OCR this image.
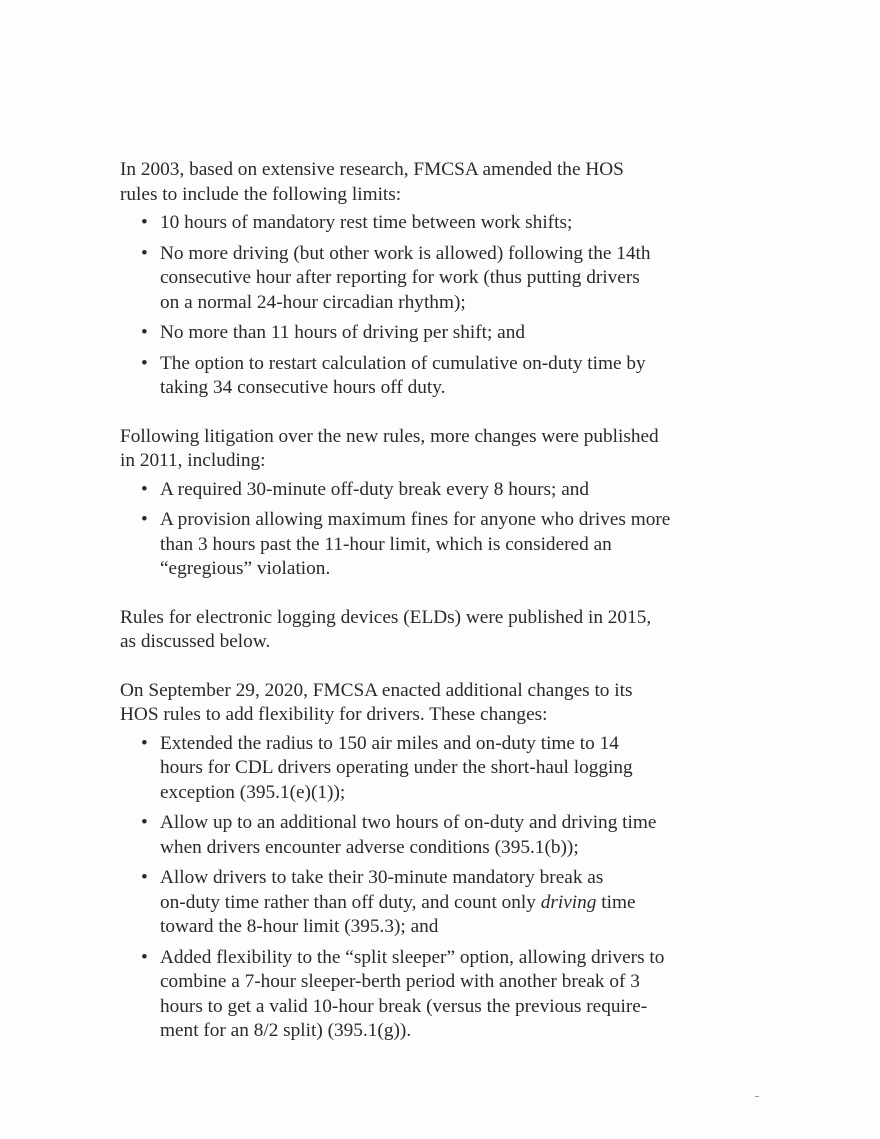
In 2003, based on extensive research, FMCSA amended the HOS
rules to include the following limits:
• 10 hours of mandatory rest time between work shifts;
• No more driving (but other work is allowed) following the 14th
consecutive hour after reporting for work (thus putting drivers
on a normal 24-hour circadian rhythm);
• No more than 11 hours of driving per shift; and
• The option to restart calculation of cumulative on-duty time by
taking 34 consecutive hours off duty.
Following litigation over the new rules, more changes were published
in 2011, including:
• A required 30-minute off-duty break every 8 hours; and
• A provision allowing maximum fines for anyone who drives more
than 3 hours past the 11-hour limit, which is considered an
“egregious” violation.
Rules for electronic logging devices (ELDs) were published in 2015,
as discussed below.
On September 29, 2020, FMCSA enacted additional changes to its
HOS rules to add flexibility for drivers. These changes:
• Extended the radius to 150 air miles and on-duty time to 14
hours for CDL drivers operating under the short-haul logging
exception (395.1(e)(1));
• Allow up to an additional two hours of on-duty and driving time
when drivers encounter adverse conditions (395.1(b));
• Allow drivers to take their 30-minute mandatory break as
on-duty time rather than off duty, and count only driving time
toward the 8-hour limit (395.3); and
• Added flexibility to the “split sleeper” option, allowing drivers to
combine a 7-hour sleeper-berth period with another break of 3
hours to get a valid 10-hour break (versus the previous require-
ment for an 8/2 split) (395.1(g)).
